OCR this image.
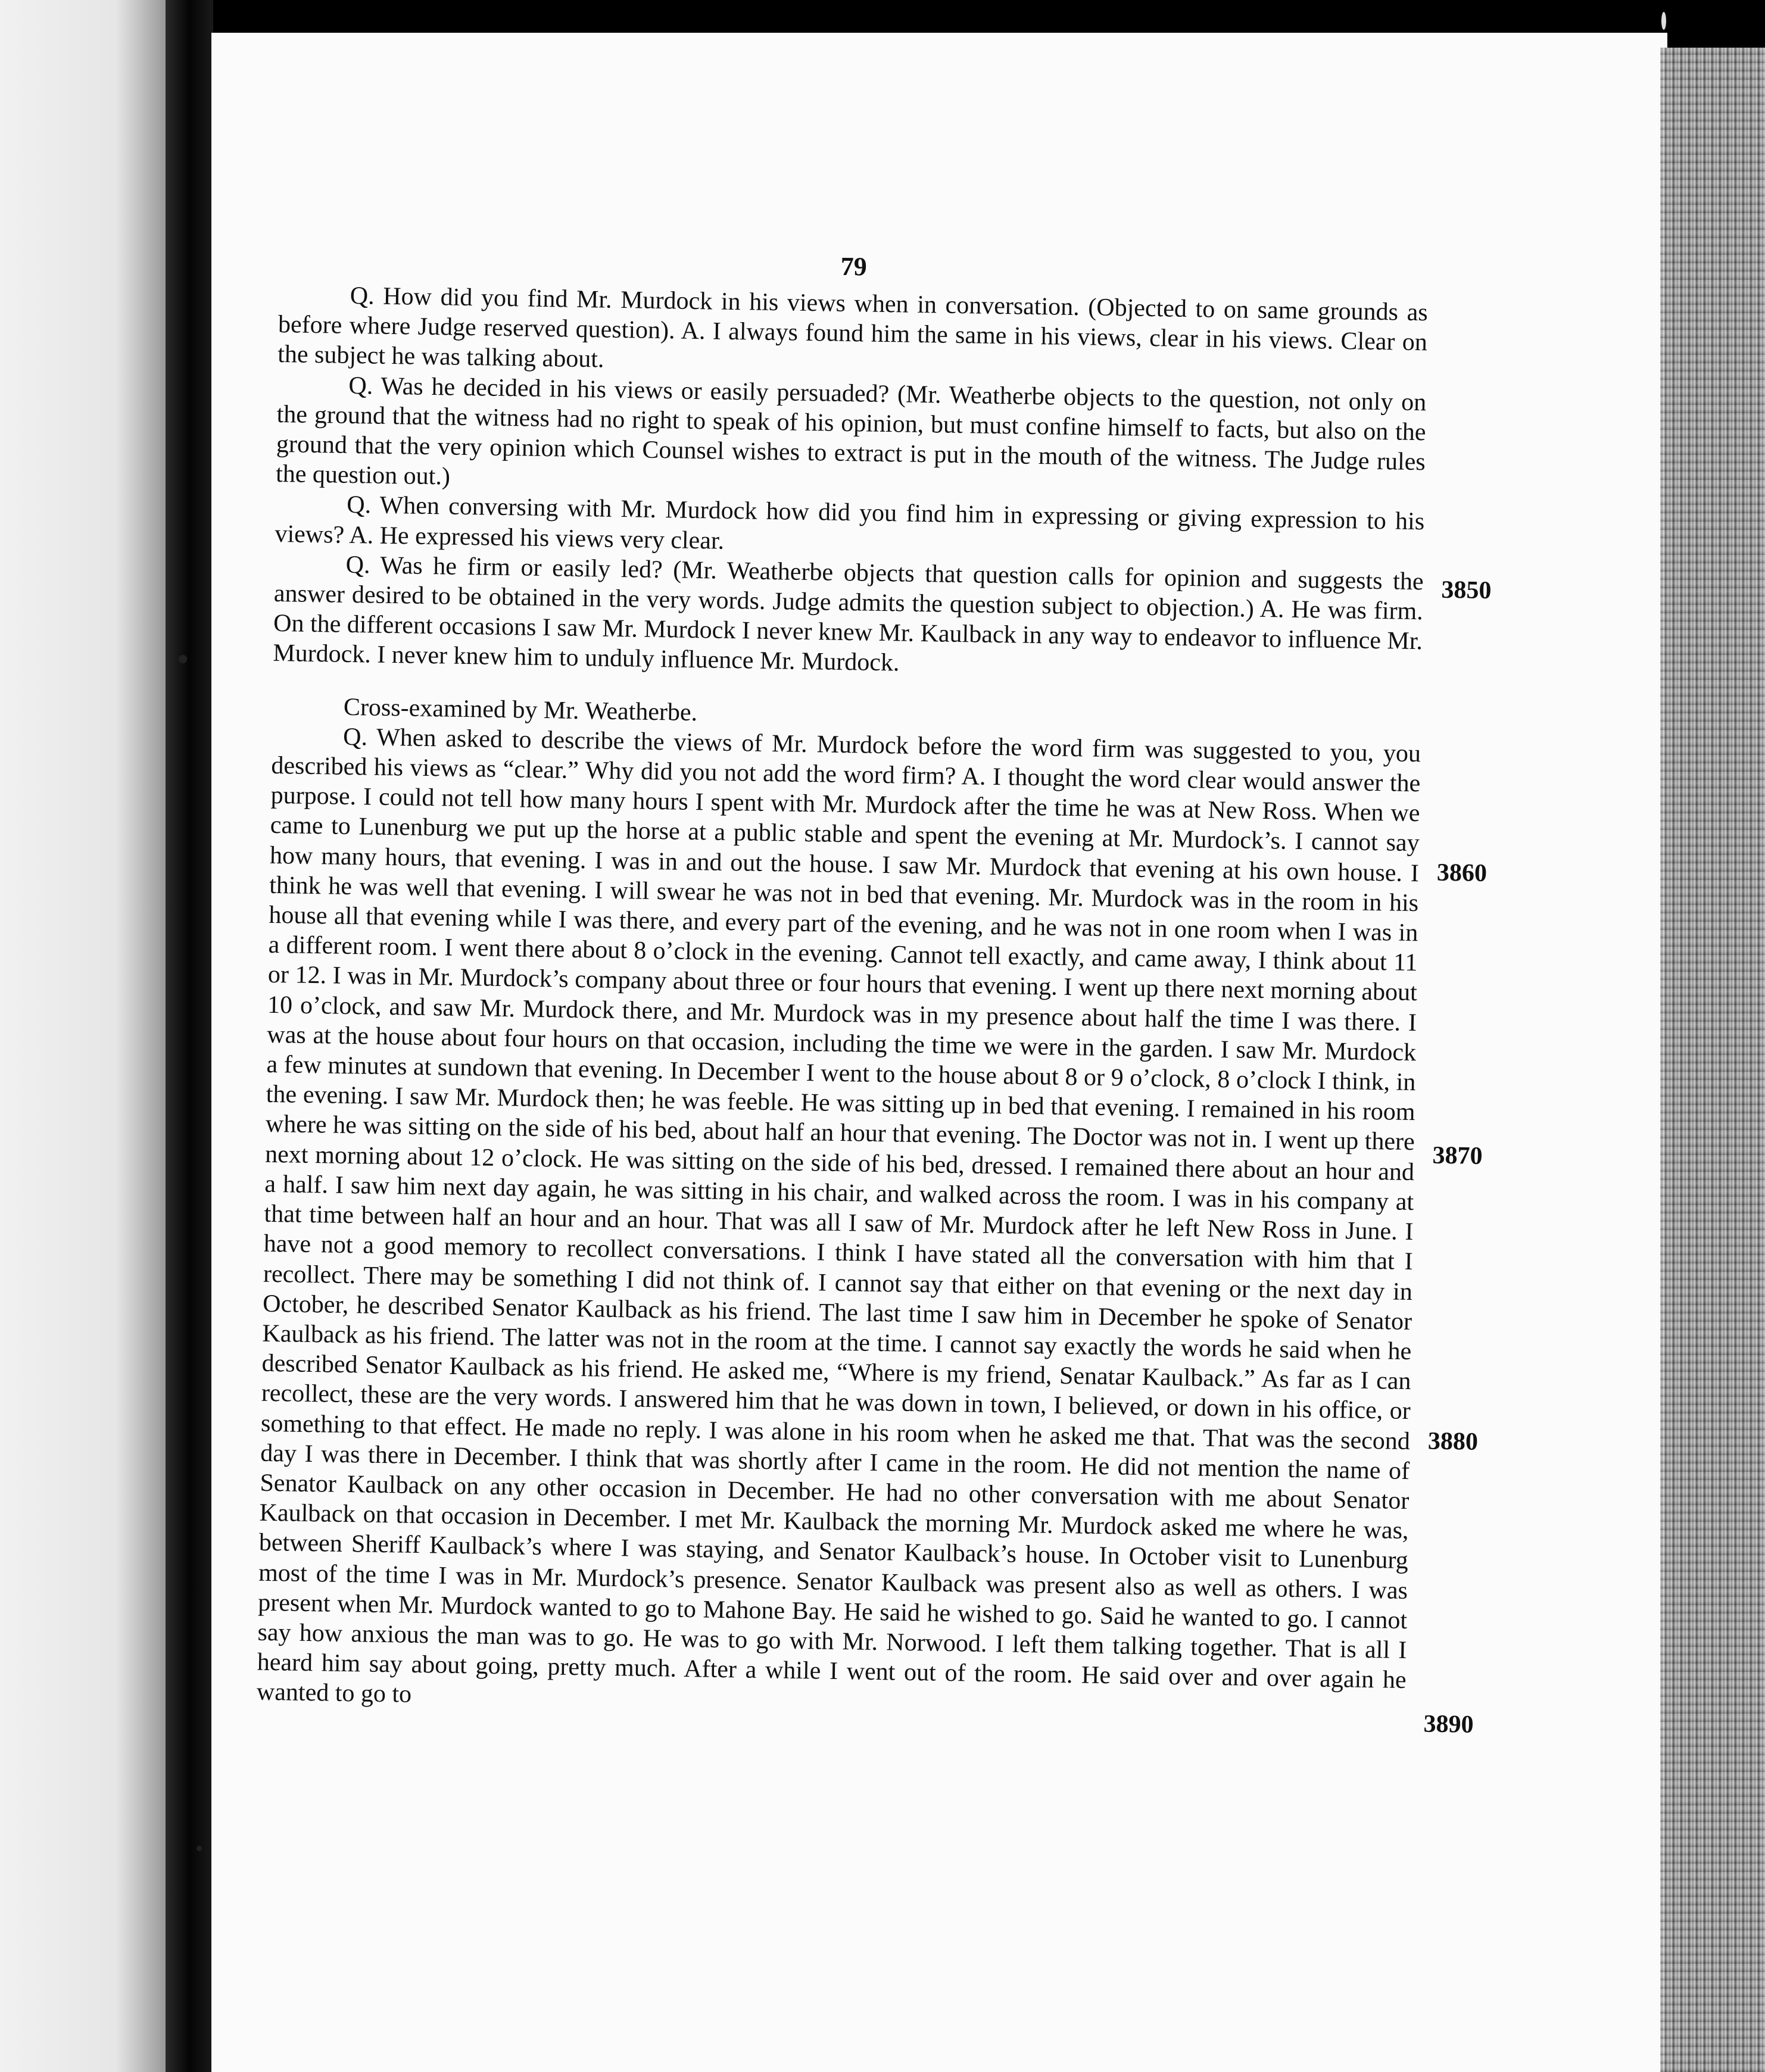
79

Q. How did you find Mr. Murdock in his views when in conversation. (Objected to on same grounds as before where Judge reserved question). A. I always found him the same in his views, clear in his views. Clear on the subject he was talking about.

Q. Was he decided in his views or easily persuaded? (Mr. Weatherbe objects to the question, not only on the ground that the witness had no right to speak of his opinion, but must confine himself to facts, but also on the ground that the very opinion which Counsel wishes to extract is put in the mouth of the witness. The Judge rules the question out.)

Q. When conversing with Mr. Murdock how did you find him in expressing or giving expression to his views? A. He expressed his views very clear.

Q. Was he firm or easily led? (Mr. Weatherbe objects that question calls for opinion and suggests the answer desired to be obtained in the very words. Judge admits the question subject to objection.) A. He was firm. On the different occasions I saw Mr. Murdock I never knew Mr. Kaulback in any way to endeavor to influence Mr. Murdock. I never knew him to unduly influence Mr. Murdock.

Cross-examined by Mr. Weatherbe.

Q. When asked to describe the views of Mr. Murdock before the word firm was suggested to you, you described his views as “clear.” Why did you not add the word firm? A. I thought the word clear would answer the purpose. I could not tell how many hours I spent with Mr. Murdock after the time he was at New Ross. When we came to Lunenburg we put up the horse at a public stable and spent the evening at Mr. Murdock’s. I cannot say how many hours, that evening. I was in and out the house. I saw Mr. Murdock that evening at his own house. I think he was well that evening. I will swear he was not in bed that evening. Mr. Murdock was in the room in his house all that evening while I was there, and every part of the evening, and he was not in one room when I was in a different room. I went there about 8 o’clock in the evening. Cannot tell exactly, and came away, I think about 11 or 12. I was in Mr. Murdock’s company about three or four hours that evening. I went up there next morning about 10 o’clock, and saw Mr. Murdock there, and Mr. Murdock was in my presence about half the time I was there. I was at the house about four hours on that occasion, including the time we were in the garden. I saw Mr. Murdock a few minutes at sundown that evening. In December I went to the house about 8 or 9 o’clock, 8 o’clock I think, in the evening. I saw Mr. Murdock then; he was feeble. He was sitting up in bed that evening. I remained in his room where he was sitting on the side of his bed, about half an hour that evening. The Doctor was not in. I went up there next morning about 12 o’clock. He was sitting on the side of his bed, dressed. I remained there about an hour and a half. I saw him next day again, he was sitting in his chair, and walked across the room. I was in his company at that time between half an hour and an hour. That was all I saw of Mr. Murdock after he left New Ross in June. I have not a good memory to recollect conversations. I think I have stated all the conversation with him that I recollect. There may be something I did not think of. I cannot say that either on that evening or the next day in October, he described Senator Kaulback as his friend. The last time I saw him in December he spoke of Senator Kaulback as his friend. The latter was not in the room at the time. I cannot say exactly the words he said when he described Senator Kaulback as his friend. He asked me, “Where is my friend, Senatar Kaulback.” As far as I can recollect, these are the very words. I answered him that he was down in town, I believed, or down in his office, or something to that effect. He made no reply. I was alone in his room when he asked me that. That was the second day I was there in December. I think that was shortly after I came in the room. He did not mention the name of Senator Kaulback on any other occasion in December. He had no other conversation with me about Senator Kaulback on that occasion in December. I met Mr. Kaulback the morning Mr. Murdock asked me where he was, between Sheriff Kaulback’s where I was staying, and Senator Kaulback’s house. In October visit to Lunenburg most of the time I was in Mr. Murdock’s presence. Senator Kaulback was present also as well as others. I was present when Mr. Murdock wanted to go to Mahone Bay. He said he wished to go. Said he wanted to go. I cannot say how anxious the man was to go. He was to go with Mr. Norwood. I left them talking together. That is all I heard him say about going, pretty much. After a while I went out of the room. He said over and over again he wanted to go to

3850
3860
3870
3880
3890
